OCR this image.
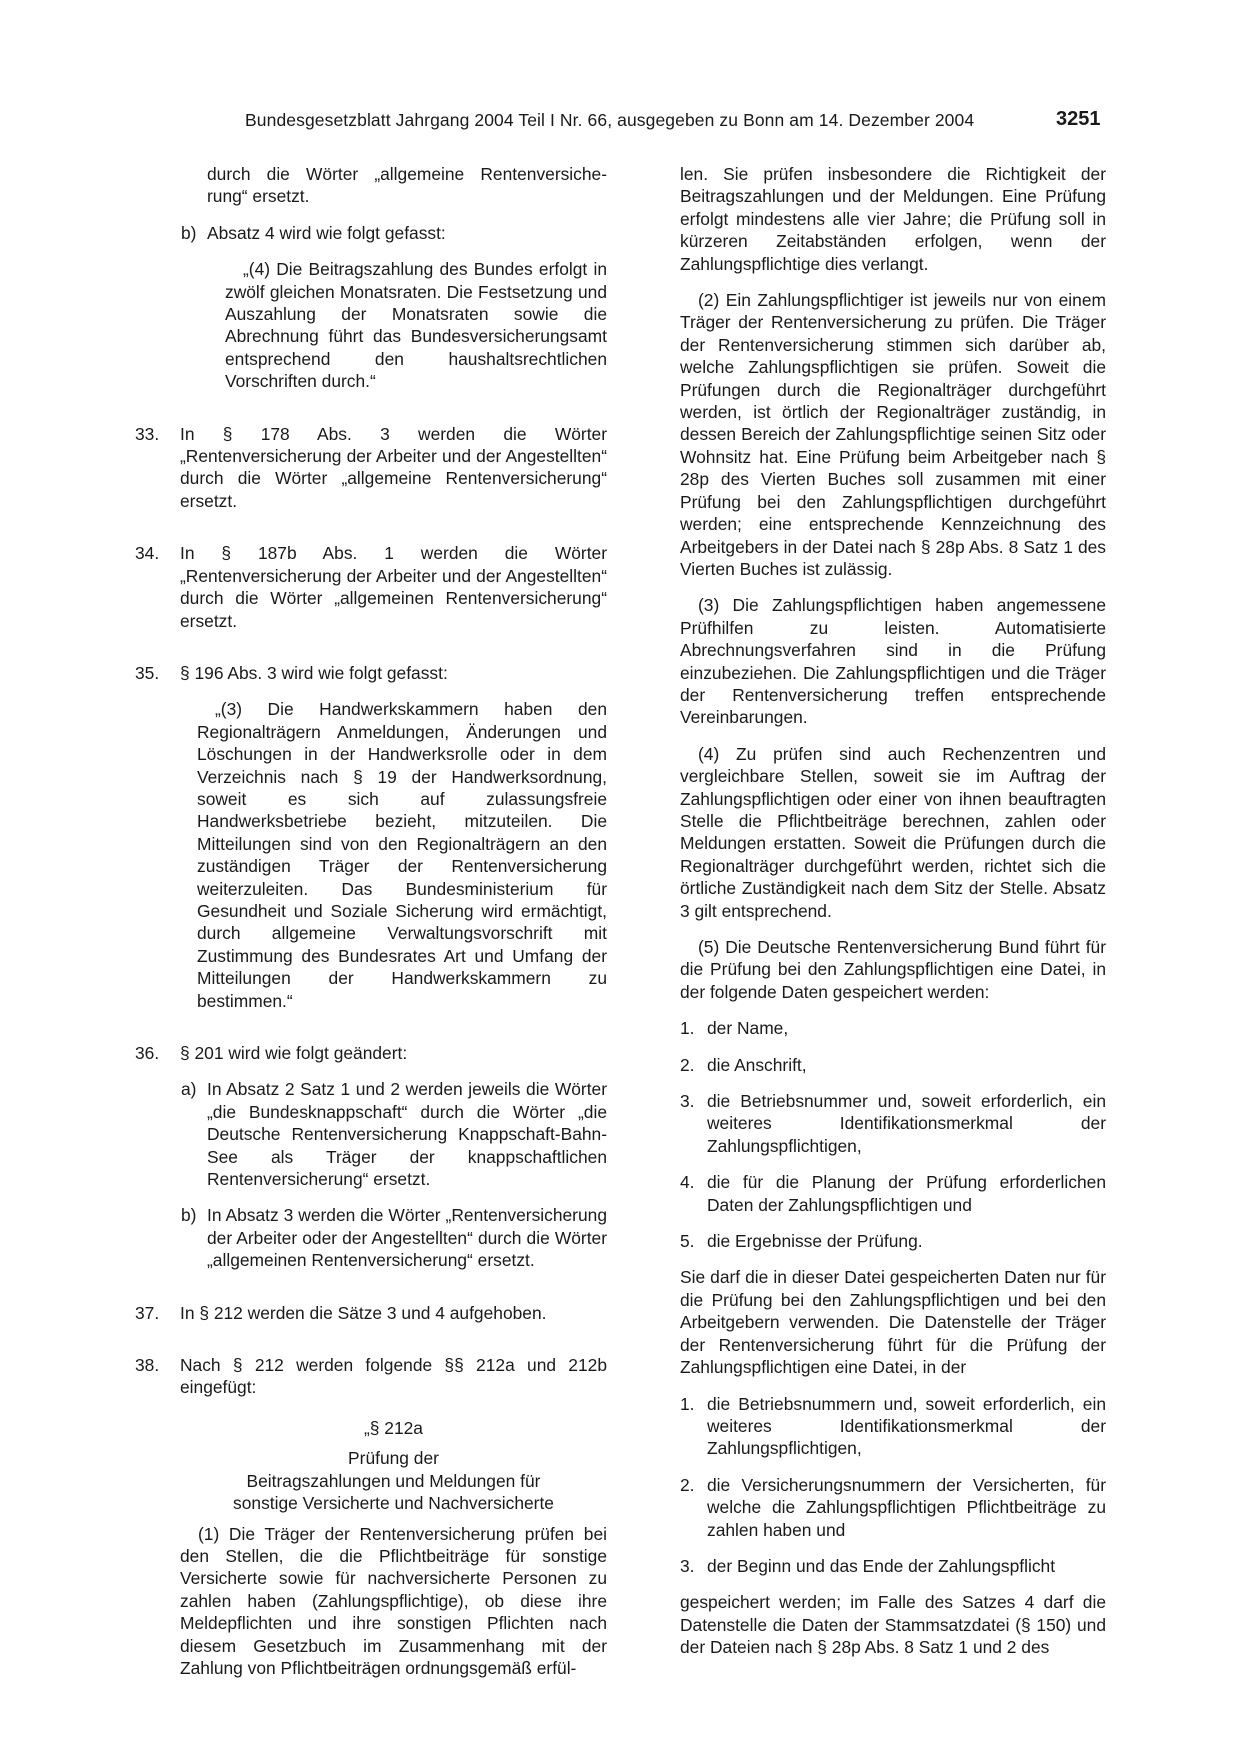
Bundesgesetzblatt Jahrgang 2004 Teil I Nr. 66, ausgegeben zu Bonn am 14. Dezember 2004	3251

durch die Wörter „allgemeine Rentenversiche-

rung“ ersetzt.

b) Absatz 4 wird wie folgt gefasst:

„(4) Die Beitragszahlung des Bundes erfolgt in zwölf gleichen Monatsraten. Die Festsetzung und Auszahlung der Monatsraten sowie die Abrechnung führt das Bundesversicherungsamt entsprechend den haushaltsrechtlichen Vorschriften durch.“

33. In § 178 Abs. 3 werden die Wörter „Rentenversicherung der Arbeiter und der Angestellten“ durch die Wörter „allgemeine Rentenversicherung“ ersetzt.

34. In § 187b Abs. 1 werden die Wörter „Rentenversicherung der Arbeiter und der Angestellten“ durch die Wörter „allgemeinen Rentenversicherung“ ersetzt.

35. § 196 Abs. 3 wird wie folgt gefasst:

„(3) Die Handwerkskammern haben den Regionalträgern Anmeldungen, Änderungen und Löschungen in der Handwerksrolle oder in dem Verzeichnis nach § 19 der Handwerksordnung, soweit es sich auf zulassungsfreie Handwerksbetriebe bezieht, mitzuteilen. Die Mitteilungen sind von den Regionalträgern an den zuständigen Träger der Rentenversicherung weiterzuleiten. Das Bundesministerium für Gesundheit und Soziale Sicherung wird ermächtigt, durch allgemeine Verwaltungsvorschrift mit Zustimmung des Bundesrates Art und Umfang der Mitteilungen der Handwerkskammern zu bestimmen.“

36. § 201 wird wie folgt geändert:

a) In Absatz 2 Satz 1 und 2 werden jeweils die Wörter „die Bundesknappschaft“ durch die Wörter „die Deutsche Rentenversicherung Knappschaft-Bahn-See als Träger der knappschaftlichen Rentenversicherung“ ersetzt.

b) In Absatz 3 werden die Wörter „Rentenversicherung der Arbeiter oder der Angestellten“ durch die Wörter „allgemeinen Rentenversicherung“ ersetzt.

37. In § 212 werden die Sätze 3 und 4 aufgehoben.

38. Nach § 212 werden folgende §§ 212a und 212b eingefügt:

„§ 212a

Prüfung der

Beitragszahlungen und Meldungen für

sonstige Versicherte und Nachversicherte

(1) Die Träger der Rentenversicherung prüfen bei den Stellen, die die Pflichtbeiträge für sonstige Versicherte sowie für nachversicherte Personen zu zahlen haben (Zahlungspflichtige), ob diese ihre Meldepflichten und ihre sonstigen Pflichten nach diesem Gesetzbuch im Zusammenhang mit der Zahlung von Pflichtbeiträgen ordnungsgemäß erfül-

len. Sie prüfen insbesondere die Richtigkeit der Beitragszahlungen und der Meldungen. Eine Prüfung erfolgt mindestens alle vier Jahre; die Prüfung soll in kürzeren Zeitabständen erfolgen, wenn der Zahlungspflichtige dies verlangt.

(2) Ein Zahlungspflichtiger ist jeweils nur von einem Träger der Rentenversicherung zu prüfen. Die Träger der Rentenversicherung stimmen sich darüber ab, welche Zahlungspflichtigen sie prüfen. Soweit die Prüfungen durch die Regionalträger durchgeführt werden, ist örtlich der Regionalträger zuständig, in dessen Bereich der Zahlungspflichtige seinen Sitz oder Wohnsitz hat. Eine Prüfung beim Arbeitgeber nach § 28p des Vierten Buches soll zusammen mit einer Prüfung bei den Zahlungspflichtigen durchgeführt werden; eine entsprechende Kennzeichnung des Arbeitgebers in der Datei nach § 28p Abs. 8 Satz 1 des Vierten Buches ist zulässig.

(3) Die Zahlungspflichtigen haben angemessene Prüfhilfen zu leisten. Automatisierte Abrechnungsverfahren sind in die Prüfung einzubeziehen. Die Zahlungspflichtigen und die Träger der Rentenversicherung treffen entsprechende Vereinbarungen.

(4) Zu prüfen sind auch Rechenzentren und vergleichbare Stellen, soweit sie im Auftrag der Zahlungspflichtigen oder einer von ihnen beauftragten Stelle die Pflichtbeiträge berechnen, zahlen oder Meldungen erstatten. Soweit die Prüfungen durch die Regionalträger durchgeführt werden, richtet sich die örtliche Zuständigkeit nach dem Sitz der Stelle. Absatz 3 gilt entsprechend.

(5) Die Deutsche Rentenversicherung Bund führt für die Prüfung bei den Zahlungspflichtigen eine Datei, in der folgende Daten gespeichert werden:

1. der Name,

2. die Anschrift,

3. die Betriebsnummer und, soweit erforderlich, ein weiteres Identifikationsmerkmal der Zahlungspflichtigen,

4. die für die Planung der Prüfung erforderlichen Daten der Zahlungspflichtigen und

5. die Ergebnisse der Prüfung.

Sie darf die in dieser Datei gespeicherten Daten nur für die Prüfung bei den Zahlungspflichtigen und bei den Arbeitgebern verwenden. Die Datenstelle der Träger der Rentenversicherung führt für die Prüfung der Zahlungspflichtigen eine Datei, in der

1. die Betriebsnummern und, soweit erforderlich, ein weiteres Identifikationsmerkmal der Zahlungspflichtigen,

2. die Versicherungsnummern der Versicherten, für welche die Zahlungspflichtigen Pflichtbeiträge zu zahlen haben und

3. der Beginn und das Ende der Zahlungspflicht

gespeichert werden; im Falle des Satzes 4 darf die Datenstelle die Daten der Stammsatzdatei (§ 150) und der Dateien nach § 28p Abs. 8 Satz 1 und 2 des
